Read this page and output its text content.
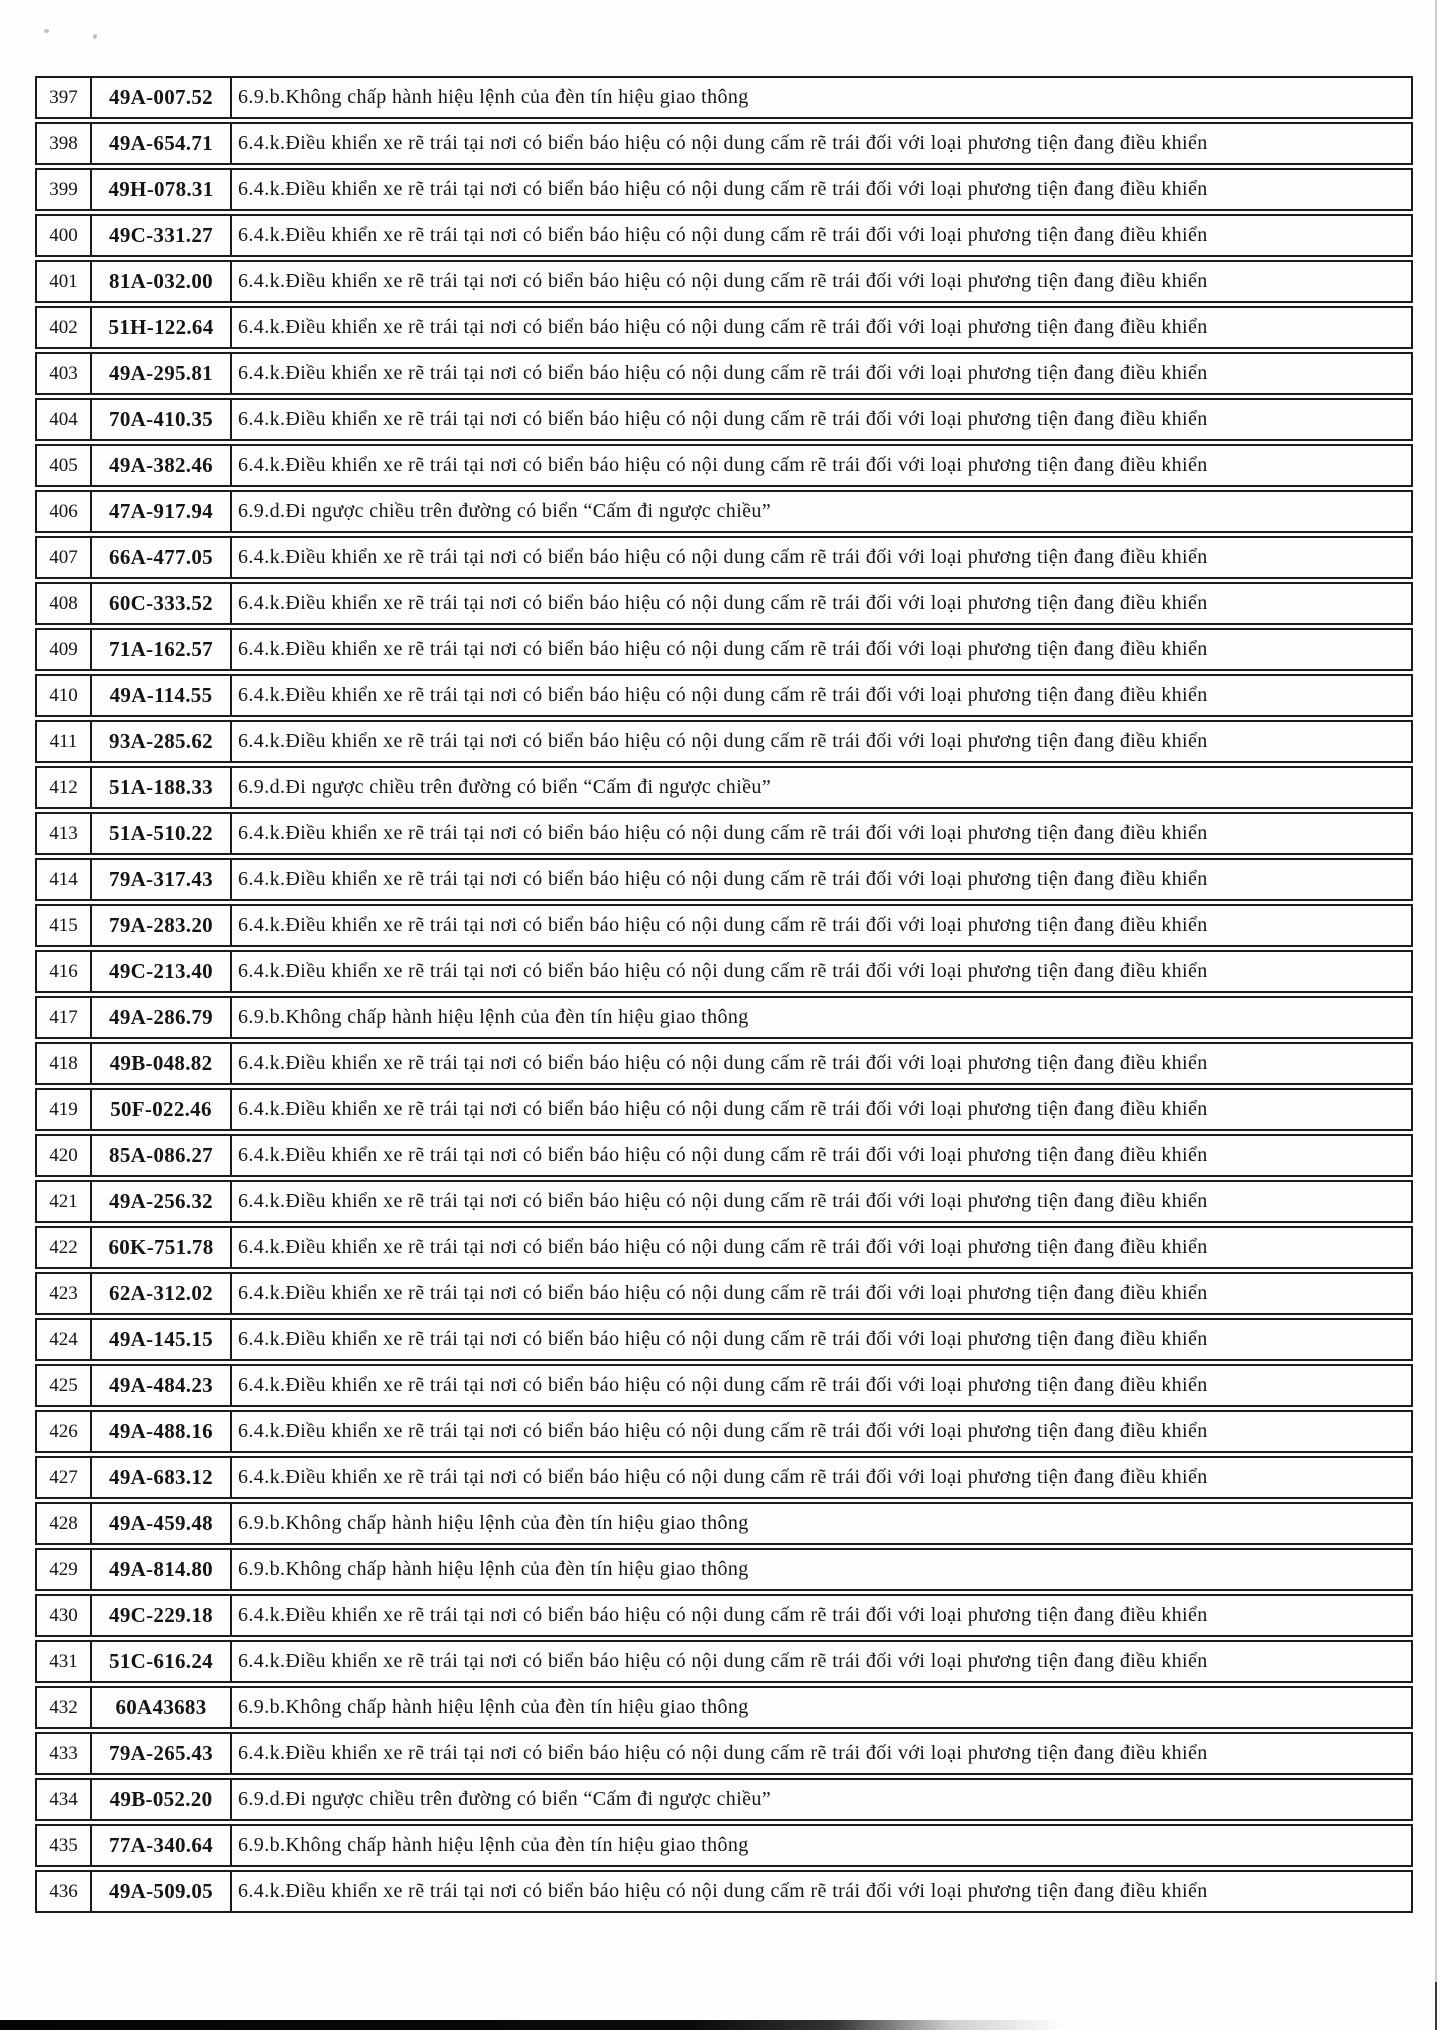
397	49A-007.52	6.9.b.Không chấp hành hiệu lệnh của đèn tín hiệu giao thông
398	49A-654.71	6.4.k.Điều khiển xe rẽ trái tại nơi có biển báo hiệu có nội dung cấm rẽ trái đối với loại phương tiện đang điều khiển
399	49H-078.31	6.4.k.Điều khiển xe rẽ trái tại nơi có biển báo hiệu có nội dung cấm rẽ trái đối với loại phương tiện đang điều khiển
400	49C-331.27	6.4.k.Điều khiển xe rẽ trái tại nơi có biển báo hiệu có nội dung cấm rẽ trái đối với loại phương tiện đang điều khiển
401	81A-032.00	6.4.k.Điều khiển xe rẽ trái tại nơi có biển báo hiệu có nội dung cấm rẽ trái đối với loại phương tiện đang điều khiển
402	51H-122.64	6.4.k.Điều khiển xe rẽ trái tại nơi có biển báo hiệu có nội dung cấm rẽ trái đối với loại phương tiện đang điều khiển
403	49A-295.81	6.4.k.Điều khiển xe rẽ trái tại nơi có biển báo hiệu có nội dung cấm rẽ trái đối với loại phương tiện đang điều khiển
404	70A-410.35	6.4.k.Điều khiển xe rẽ trái tại nơi có biển báo hiệu có nội dung cấm rẽ trái đối với loại phương tiện đang điều khiển
405	49A-382.46	6.4.k.Điều khiển xe rẽ trái tại nơi có biển báo hiệu có nội dung cấm rẽ trái đối với loại phương tiện đang điều khiển
406	47A-917.94	6.9.d.Đi ngược chiều trên đường có biển “Cấm đi ngược chiều”
407	66A-477.05	6.4.k.Điều khiển xe rẽ trái tại nơi có biển báo hiệu có nội dung cấm rẽ trái đối với loại phương tiện đang điều khiển
408	60C-333.52	6.4.k.Điều khiển xe rẽ trái tại nơi có biển báo hiệu có nội dung cấm rẽ trái đối với loại phương tiện đang điều khiển
409	71A-162.57	6.4.k.Điều khiển xe rẽ trái tại nơi có biển báo hiệu có nội dung cấm rẽ trái đối với loại phương tiện đang điều khiển
410	49A-114.55	6.4.k.Điều khiển xe rẽ trái tại nơi có biển báo hiệu có nội dung cấm rẽ trái đối với loại phương tiện đang điều khiển
411	93A-285.62	6.4.k.Điều khiển xe rẽ trái tại nơi có biển báo hiệu có nội dung cấm rẽ trái đối với loại phương tiện đang điều khiển
412	51A-188.33	6.9.d.Đi ngược chiều trên đường có biển “Cấm đi ngược chiều”
413	51A-510.22	6.4.k.Điều khiển xe rẽ trái tại nơi có biển báo hiệu có nội dung cấm rẽ trái đối với loại phương tiện đang điều khiển
414	79A-317.43	6.4.k.Điều khiển xe rẽ trái tại nơi có biển báo hiệu có nội dung cấm rẽ trái đối với loại phương tiện đang điều khiển
415	79A-283.20	6.4.k.Điều khiển xe rẽ trái tại nơi có biển báo hiệu có nội dung cấm rẽ trái đối với loại phương tiện đang điều khiển
416	49C-213.40	6.4.k.Điều khiển xe rẽ trái tại nơi có biển báo hiệu có nội dung cấm rẽ trái đối với loại phương tiện đang điều khiển
417	49A-286.79	6.9.b.Không chấp hành hiệu lệnh của đèn tín hiệu giao thông
418	49B-048.82	6.4.k.Điều khiển xe rẽ trái tại nơi có biển báo hiệu có nội dung cấm rẽ trái đối với loại phương tiện đang điều khiển
419	50F-022.46	6.4.k.Điều khiển xe rẽ trái tại nơi có biển báo hiệu có nội dung cấm rẽ trái đối với loại phương tiện đang điều khiển
420	85A-086.27	6.4.k.Điều khiển xe rẽ trái tại nơi có biển báo hiệu có nội dung cấm rẽ trái đối với loại phương tiện đang điều khiển
421	49A-256.32	6.4.k.Điều khiển xe rẽ trái tại nơi có biển báo hiệu có nội dung cấm rẽ trái đối với loại phương tiện đang điều khiển
422	60K-751.78	6.4.k.Điều khiển xe rẽ trái tại nơi có biển báo hiệu có nội dung cấm rẽ trái đối với loại phương tiện đang điều khiển
423	62A-312.02	6.4.k.Điều khiển xe rẽ trái tại nơi có biển báo hiệu có nội dung cấm rẽ trái đối với loại phương tiện đang điều khiển
424	49A-145.15	6.4.k.Điều khiển xe rẽ trái tại nơi có biển báo hiệu có nội dung cấm rẽ trái đối với loại phương tiện đang điều khiển
425	49A-484.23	6.4.k.Điều khiển xe rẽ trái tại nơi có biển báo hiệu có nội dung cấm rẽ trái đối với loại phương tiện đang điều khiển
426	49A-488.16	6.4.k.Điều khiển xe rẽ trái tại nơi có biển báo hiệu có nội dung cấm rẽ trái đối với loại phương tiện đang điều khiển
427	49A-683.12	6.4.k.Điều khiển xe rẽ trái tại nơi có biển báo hiệu có nội dung cấm rẽ trái đối với loại phương tiện đang điều khiển
428	49A-459.48	6.9.b.Không chấp hành hiệu lệnh của đèn tín hiệu giao thông
429	49A-814.80	6.9.b.Không chấp hành hiệu lệnh của đèn tín hiệu giao thông
430	49C-229.18	6.4.k.Điều khiển xe rẽ trái tại nơi có biển báo hiệu có nội dung cấm rẽ trái đối với loại phương tiện đang điều khiển
431	51C-616.24	6.4.k.Điều khiển xe rẽ trái tại nơi có biển báo hiệu có nội dung cấm rẽ trái đối với loại phương tiện đang điều khiển
432	60A43683	6.9.b.Không chấp hành hiệu lệnh của đèn tín hiệu giao thông
433	79A-265.43	6.4.k.Điều khiển xe rẽ trái tại nơi có biển báo hiệu có nội dung cấm rẽ trái đối với loại phương tiện đang điều khiển
434	49B-052.20	6.9.d.Đi ngược chiều trên đường có biển “Cấm đi ngược chiều”
435	77A-340.64	6.9.b.Không chấp hành hiệu lệnh của đèn tín hiệu giao thông
436	49A-509.05	6.4.k.Điều khiển xe rẽ trái tại nơi có biển báo hiệu có nội dung cấm rẽ trái đối với loại phương tiện đang điều khiển
